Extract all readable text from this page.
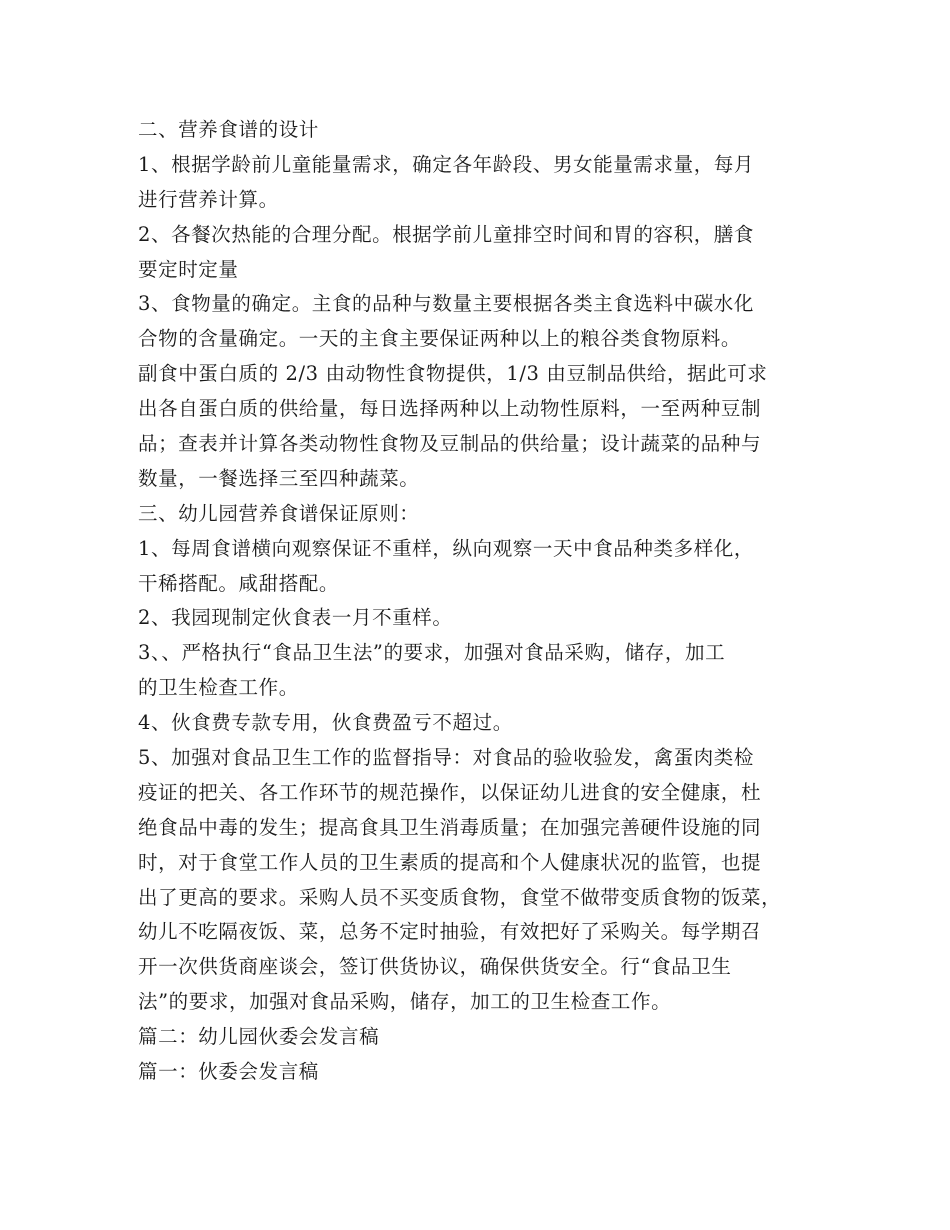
二、营养食谱的设计
1、根据学龄前儿童能量需求，确定各年龄段、男女能量需求量，每月
进行营养计算。
2、各餐次热能的合理分配。根据学前儿童排空时间和胃的容积，膳食
要定时定量
3、食物量的确定。主食的品种与数量主要根据各类主食选料中碳水化
合物的含量确定。一天的主食主要保证两种以上的粮谷类食物原料。
副食中蛋白质的 2/3 由动物性食物提供，1/3 由豆制品供给，据此可求
出各自蛋白质的供给量，每日选择两种以上动物性原料，一至两种豆制
品；查表并计算各类动物性食物及豆制品的供给量；设计蔬菜的品种与
数量，一餐选择三至四种蔬菜。
三、幼儿园营养食谱保证原则：
1、每周食谱横向观察保证不重样，纵向观察一天中食品种类多样化，
干稀搭配。咸甜搭配。
2、我园现制定伙食表一月不重样。
3、、严格执行“食品卫生法”的要求，加强对食品采购，储存，加工
的卫生检查工作。
4、伙食费专款专用，伙食费盈亏不超过。
5、加强对食品卫生工作的监督指导：对食品的验收验发，禽蛋肉类检
疫证的把关、各工作环节的规范操作，以保证幼儿进食的安全健康，杜
绝食品中毒的发生；提高食具卫生消毒质量；在加强完善硬件设施的同
时，对于食堂工作人员的卫生素质的提高和个人健康状况的监管，也提
出了更高的要求。采购人员不买变质食物，食堂不做带变质食物的饭菜，
幼儿不吃隔夜饭、菜，总务不定时抽验，有效把好了采购关。每学期召
开一次供货商座谈会，签订供货协议，确保供货安全。行“食品卫生
法”的要求，加强对食品采购，储存，加工的卫生检查工作。
篇二：幼儿园伙委会发言稿
篇一：伙委会发言稿
